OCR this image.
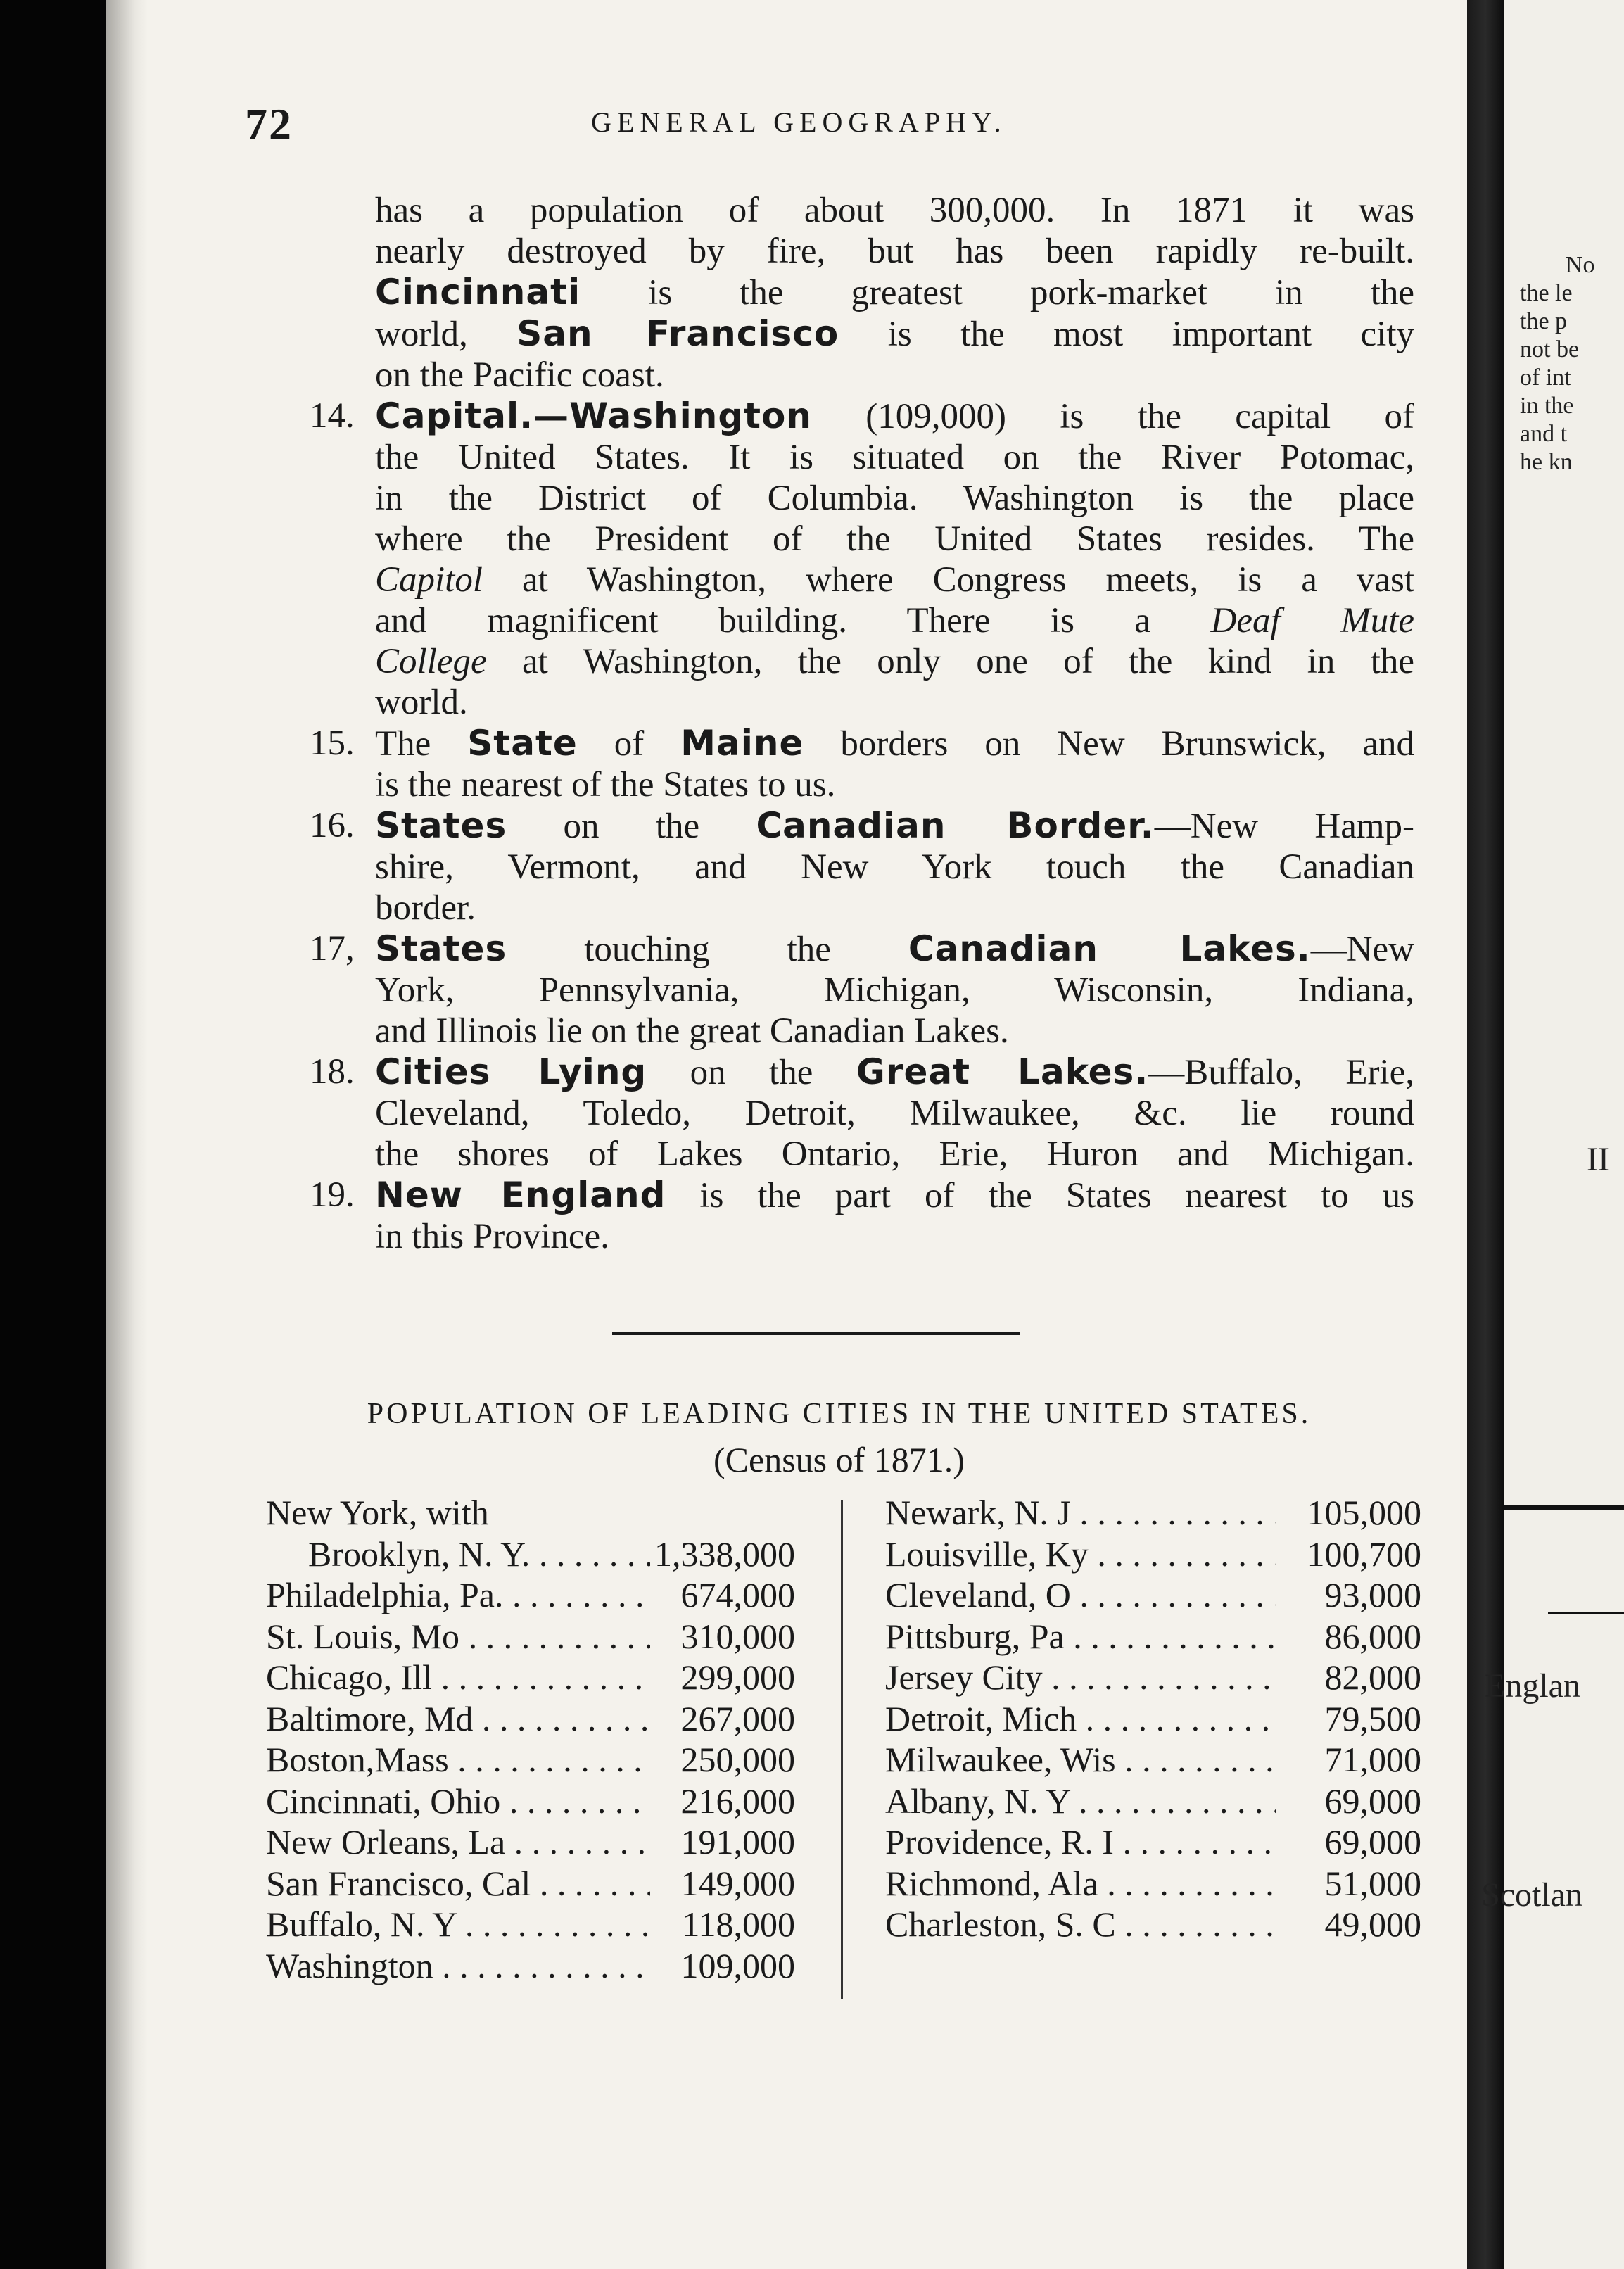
72	GENERAL GEOGRAPHY.
has a population of about 300,000. In 1871 it was
nearly destroyed by fire, but has been rapidly re-built.
Cincinnati is the greatest pork-market in the
world, San Francisco is the most important city
on the Pacific coast.
14. Capital.—Washington (109,000) is the capital of
the United States. It is situated on the River Potomac,
in the District of Columbia. Washington is the place
where the President of the United States resides. The
Capitol at Washington, where Congress meets, is a vast
and magnificent building. There is a Deaf Mute
College at Washington, the only one of the kind in the
world.
15. The State of Maine borders on New Brunswick, and
is the nearest of the States to us.
16. States on the Canadian Border.—New Hamp-
shire, Vermont, and New York touch the Canadian
border.
17, States touching the Canadian Lakes.—New
York, Pennsylvania, Michigan, Wisconsin, Indiana,
and Illinois lie on the great Canadian Lakes.
18. Cities Lying on the Great Lakes.—Buffalo, Erie,
Cleveland, Toledo, Detroit, Milwaukee, &c. lie round
the shores of Lakes Ontario, Erie, Huron and Michigan.
19. New England is the part of the States nearest to us
in this Province.
POPULATION OF LEADING CITIES IN THE UNITED STATES.
(Census of 1871.)
New York, with
Brooklyn, N. Y. . . .	1,338,000
Philadelphia, Pa. . . .	674,000
St. Louis, Mo . . .	310,000
Chicago, Ill . . .	299,000
Baltimore, Md . . .	267,000
Boston,Mass . . .	250,000
Cincinnati, Ohio . . .	216,000
New Orleans, La . . .	191,000
San Francisco, Cal . . .	149,000
Buffalo, N. Y . . .	118,000
Washington . . .	109,000
Newark, N. J . . .	105,000
Louisville, Ky . . .	100,700
Cleveland, O . . .	93,000
Pittsburg, Pa . . .	86,000
Jersey City . . .	82,000
Detroit, Mich . . .	79,500
Milwaukee, Wis . . .	71,000
Albany, N. Y . . .	69,000
Providence, R. I . . .	69,000
Richmond, Ala . . .	51,000
Charleston, S. C . . .	49,000
No
the le
the p
not be
of int
in the
and t
he kn
II
Englan
Scotlan
